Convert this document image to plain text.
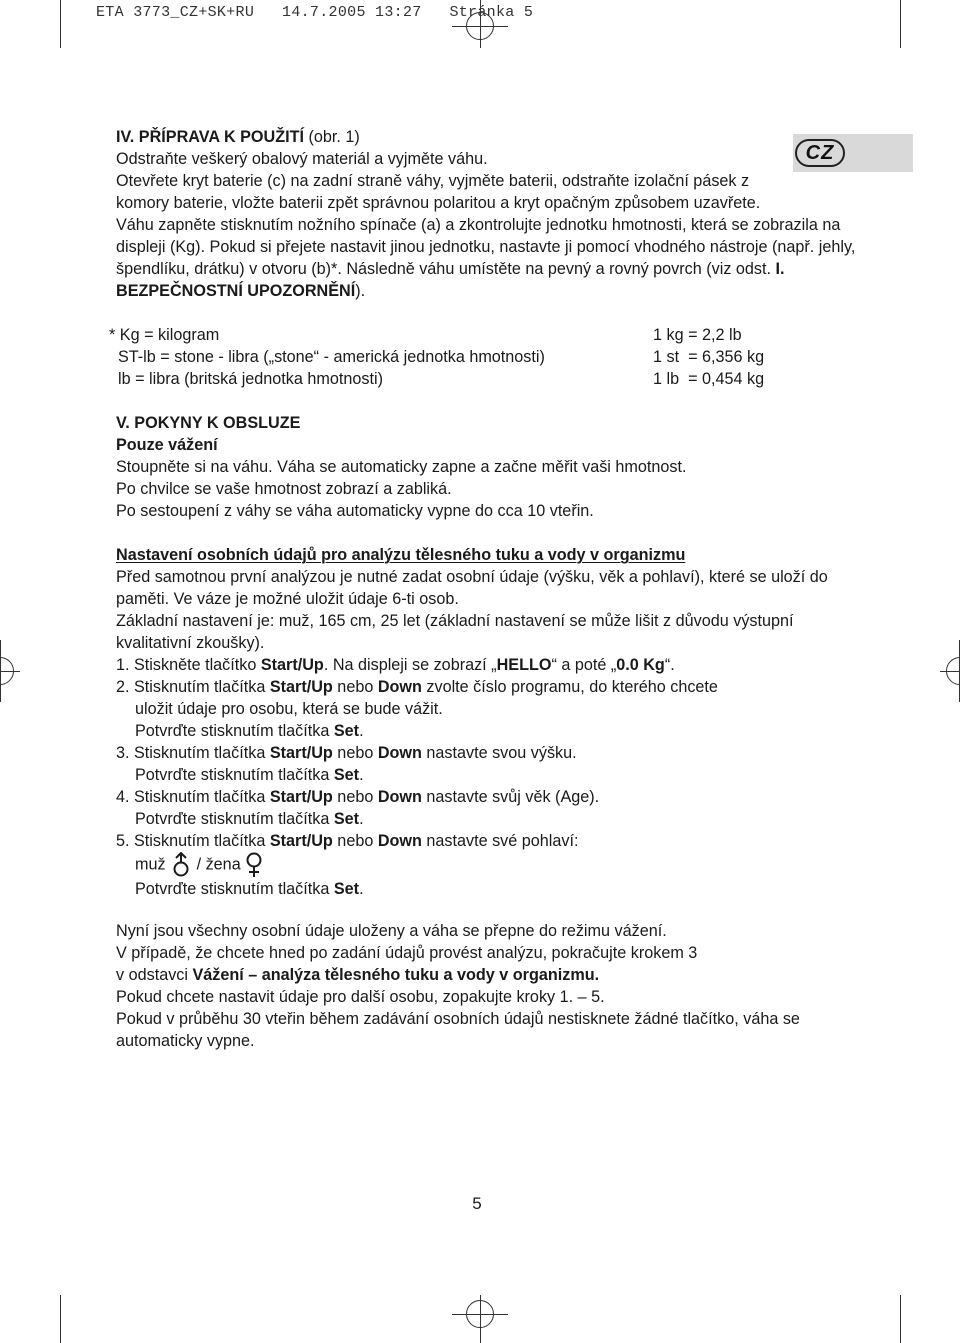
ETA 3773_CZ+SK+RU   14.7.2005 13:27   Stránka 5
CZ

IV. PŘÍPRAVA K POUŽITÍ (obr. 1)

Odstraňte veškerý obalový materiál a vyjměte váhu.

Otevřete kryt baterie (c) na zadní straně váhy, vyjměte baterii, odstraňte izolační pásek z komory baterie, vložte baterii zpět správnou polaritou a kryt opačným způsobem uzavřete.

Váhu zapněte stisknutím nožního spínače (a) a zkontrolujte jednotku hmotnosti, která se zobrazila na displeji (Kg). Pokud si přejete nastavit jinou jednotku, nastavte ji pomocí vhodného nástroje (např. jehly, špendlíku, drátku) v otvoru (b)*. Následně váhu umístěte na pevný a rovný povrch (viz odst. I. BEZPEČNOSTNÍ UPOZORNĚNÍ).

* Kg = kilogram	1 kg = 2,2 lb
ST-lb = stone - libra („stone“ - americká jednotka hmotnosti)	1 st  = 6,356 kg
lb = libra (britská jednotka hmotnosti)	1 lb  = 0,454 kg

V. POKYNY K OBSLUZE

Pouze vážení

Stoupněte si na váhu. Váha se automaticky zapne a začne měřit vaši hmotnost.

Po chvilce se vaše hmotnost zobrazí a zabliká.

Po sestoupení z váhy se váha automaticky vypne do cca 10 vteřin.

Nastavení osobních údajů pro analýzu tělesného tuku a vody v organizmu

Před samotnou první analýzou je nutné zadat osobní údaje (výšku, věk a pohlaví), které se uloží do paměti. Ve váze je možné uložit údaje 6-ti osob.

Základní nastavení je: muž, 165 cm, 25 let (základní nastavení se může lišit z důvodu výstupní kvalitativní zkoušky).

1. Stiskněte tlačítko Start/Up. Na displeji se zobrazí „HELLO“ a poté „0.0 Kg“.

2. Stisknutím tlačítka Start/Up nebo Down zvolte číslo programu, do kterého chcete

uložit údaje pro osobu, která se bude vážit.

Potvrďte stisknutím tlačítka Set.

3. Stisknutím tlačítka Start/Up nebo Down nastavte svou výšku.

Potvrďte stisknutím tlačítka Set.

4. Stisknutím tlačítka Start/Up nebo Down nastavte svůj věk (Age).

Potvrďte stisknutím tlačítka Set.

5. Stisknutím tlačítka Start/Up nebo Down nastavte své pohlaví:

muž / žena

Potvrďte stisknutím tlačítka Set.

Nyní jsou všechny osobní údaje uloženy a váha se přepne do režimu vážení.

V případě, že chcete hned po zadání údajů provést analýzu, pokračujte krokem 3

v odstavci Vážení – analýza tělesného tuku a vody v organizmu.

Pokud chcete nastavit údaje pro další osobu, zopakujte kroky 1. – 5.

Pokud v průběhu 30 vteřin během zadávání osobních údajů nestisknete žádné tlačítko, váha se automaticky vypne.

5
